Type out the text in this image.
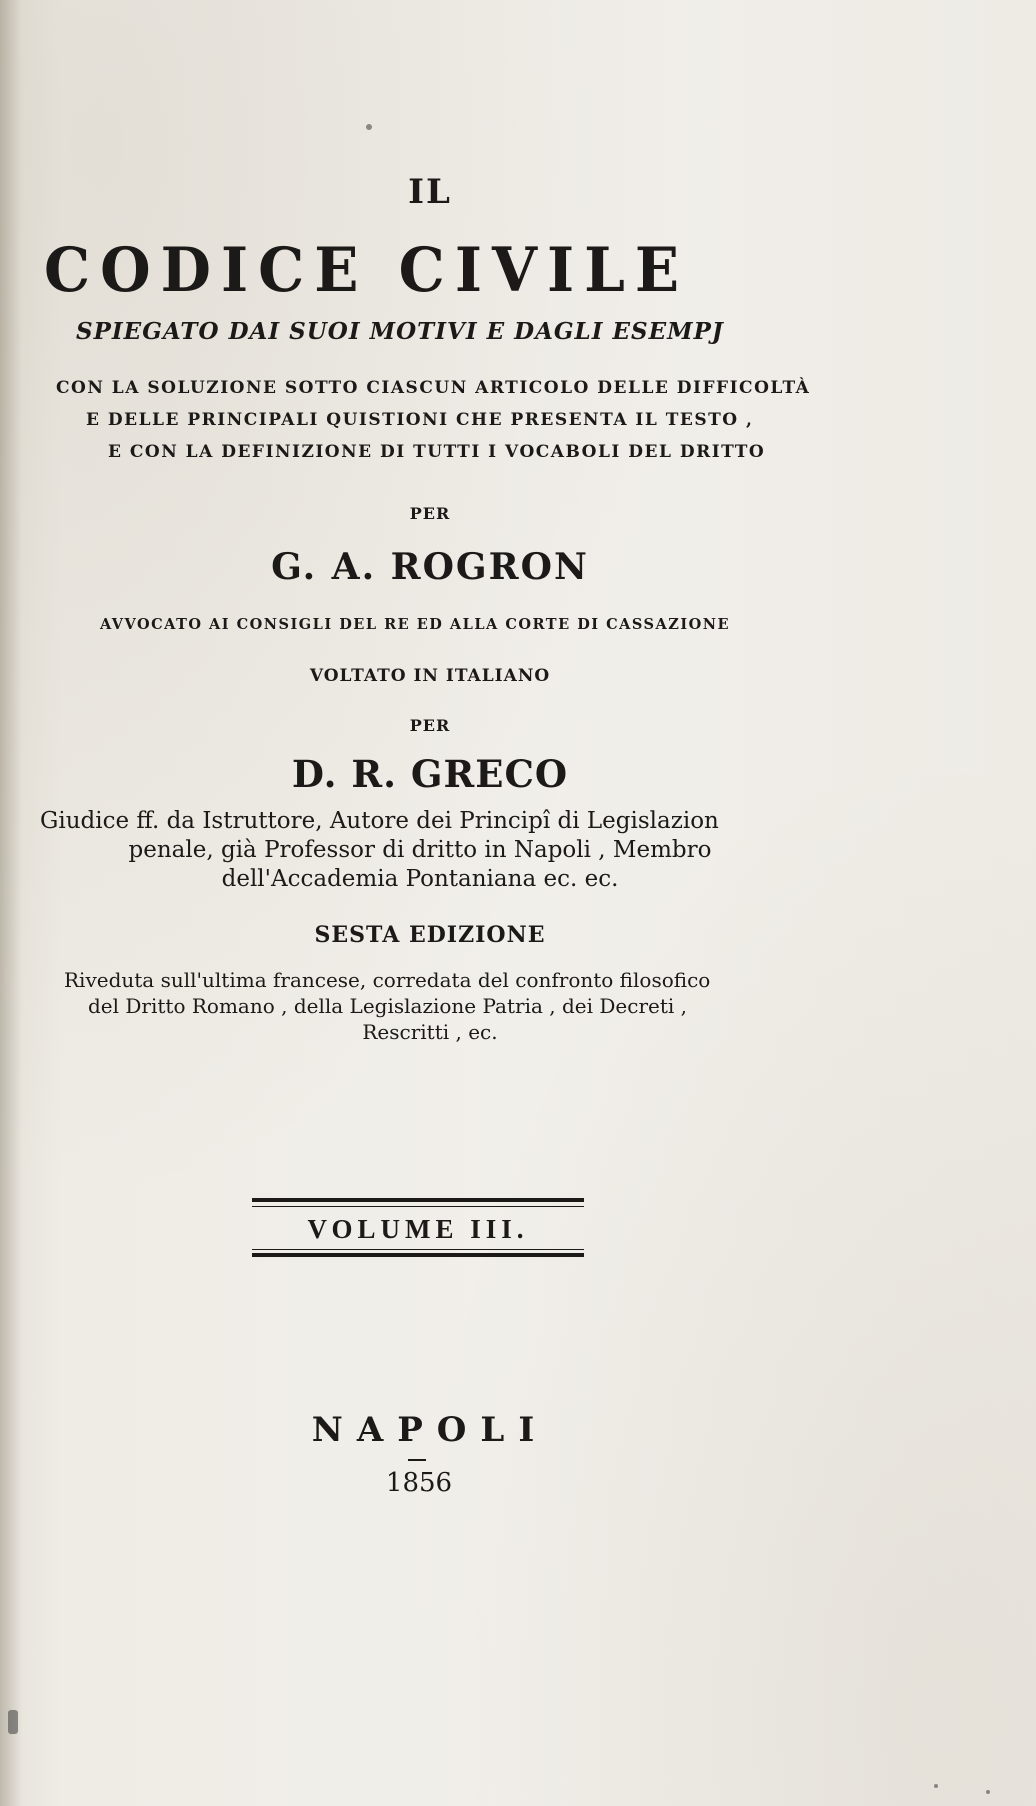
IL
CODICE CIVILE
SPIEGATO DAI SUOI MOTIVI E DAGLI ESEMPJ
CON LA SOLUZIONE SOTTO CIASCUN ARTICOLO DELLE DIFFICOLTÀ
E DELLE PRINCIPALI QUISTIONI CHE PRESENTA IL TESTO ,
E CON LA DEFINIZIONE DI TUTTI I VOCABOLI DEL DRITTO
PER
G. A. ROGRON
AVVOCATO AI CONSIGLI DEL RE ED ALLA CORTE DI CASSAZIONE
VOLTATO IN ITALIANO
PER
D. R. GRECO
Giudice ff. da Istruttore, Autore dei Principî di Legislazion
penale, già Professor di dritto in Napoli , Membro
dell'Accademia Pontaniana ec. ec.
SESTA EDIZIONE
Riveduta sull'ultima francese, corredata del confronto filosofico
del Dritto Romano , della Legislazione Patria , dei Decreti ,
Rescritti , ec.
VOLUME III.
NAPOLI
1856
